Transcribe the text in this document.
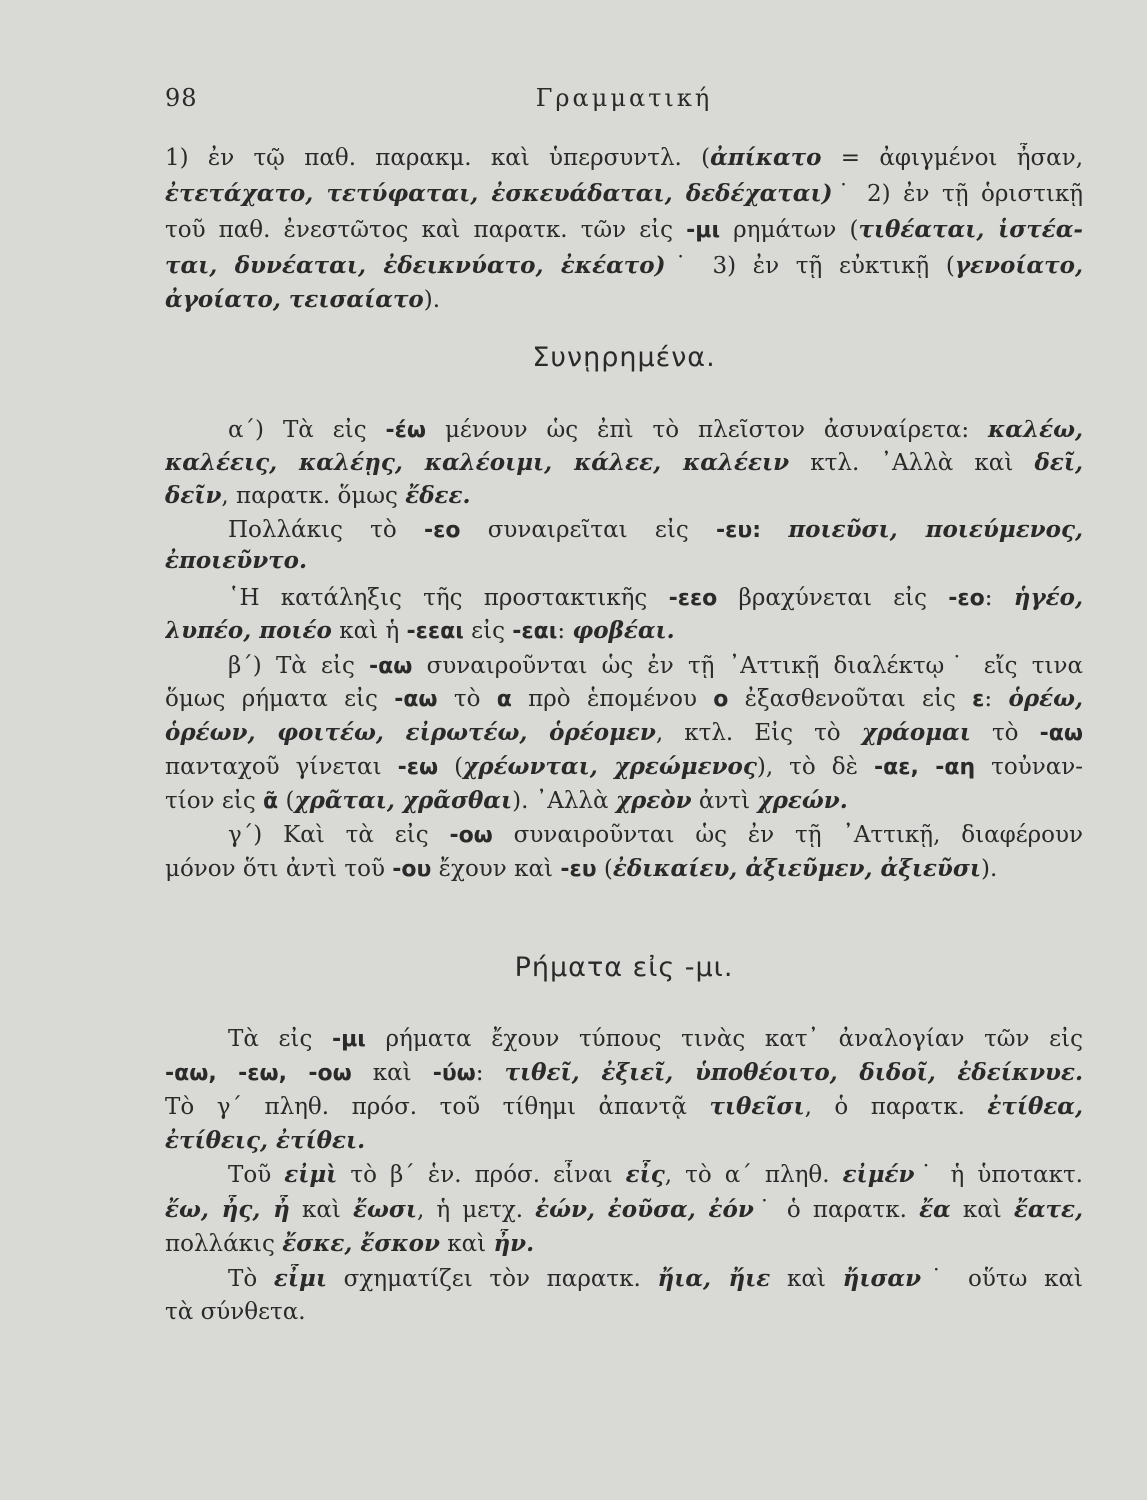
98	Γραμματική
1) ἐν τῷ παθ. παρακμ. καὶ ὑπερσυντλ. (ἀπίκατο = ἀφιγμένοι ἦσαν,
ἐτετάχατο, τετύφαται, ἐσκευάδαται, δεδέχαται)˙ 2) ἐν τῇ ὁριστικῇ
τοῦ παθ. ἐνεστῶτος καὶ παρατκ. τῶν εἰς -μι ρημάτων (τιθέαται, ἱστέα-
ται, δυνέαται, ἐδεικνύατο, ἐκέατο)˙ 3) ἐν τῇ εὐκτικῇ (γενοίατο,
ἀγοίατο, τεισαίατο).
Συνῃρημένα.
α΄) Τὰ εἰς -έω μένουν ὡς ἐπὶ τὸ πλεῖστον ἀσυναίρετα: καλέω,
καλέεις, καλέῃς, καλέοιμι, κάλεε, καλέειν κτλ. ᾿Αλλὰ καὶ δεῖ,
δεῖν, παρατκ. ὅμως ἔδεε.
Πολλάκις τὸ -εο συναιρεῖται εἰς -ευ: ποιεῦσι, ποιεύμενος,
ἐποιεῦντο.
῾Η κατάληξις τῆς προστακτικῆς -εεο βραχύνεται εἰς -εο: ἡγέο,
λυπέο, ποιέο καὶ ἡ -εεαι εἰς -εαι: φοβέαι.
β΄) Τὰ εἰς -αω συναιροῦνται ὡς ἐν τῇ ᾿Αττικῇ διαλέκτῳ˙ εἴς τινα
ὅμως ρήματα εἰς -αω τὸ α πρὸ ἑπομένου ο ἐξασθενοῦται εἰς ε: ὁρέω,
ὁρέων, φοιτέω, εἰρωτέω, ὁρέομεν, κτλ. Εἰς τὸ χράομαι τὸ -αω
πανταχοῦ γίνεται -εω (χρέωνται, χρεώμενος), τὸ δὲ -αε, -αη τοὐναν-
τίον εἰς ᾶ (χρᾶται, χρᾶσθαι). ᾿Αλλὰ χρεὸν ἀντὶ χρεών.
γ΄) Καὶ τὰ εἰς -οω συναιροῦνται ὡς ἐν τῇ ᾿Αττικῇ, διαφέρουν
μόνον ὅτι ἀντὶ τοῦ -ου ἔχουν καὶ -ευ (ἐδικαίευ, ἀξιεῦμεν, ἀξιεῦσι).
Ρήματα εἰς -μι.
Τὰ εἰς -μι ρήματα ἔχουν τύπους τινὰς κατ᾿ ἀναλογίαν τῶν εἰς
-αω, -εω, -οω καὶ -ύω: τιθεῖ, ἐξιεῖ, ὑποθέοιτο, διδοῖ, ἐδείκνυε.
Τὸ γ΄ πληθ. πρόσ. τοῦ τίθημι ἀπαντᾷ τιθεῖσι, ὁ παρατκ. ἐτίθεα,
ἐτίθεις, ἐτίθει.
Τοῦ εἰμὶ τὸ β΄ ἑν. πρόσ. εἶναι εἶς, τὸ α΄ πληθ. εἰμέν˙ ἡ ὑποτακτ.
ἔω, ἦς, ἦ καὶ ἔωσι, ἡ μετχ. ἐών, ἐοῦσα, ἐόν˙ ὁ παρατκ. ἔα καὶ ἔατε,
πολλάκις ἔσκε, ἔσκον καὶ ἦν.
Τὸ εἶμι σχηματίζει τὸν παρατκ. ἤια, ἤιε καὶ ἤισαν˙ οὕτω καὶ
τὰ σύνθετα.
